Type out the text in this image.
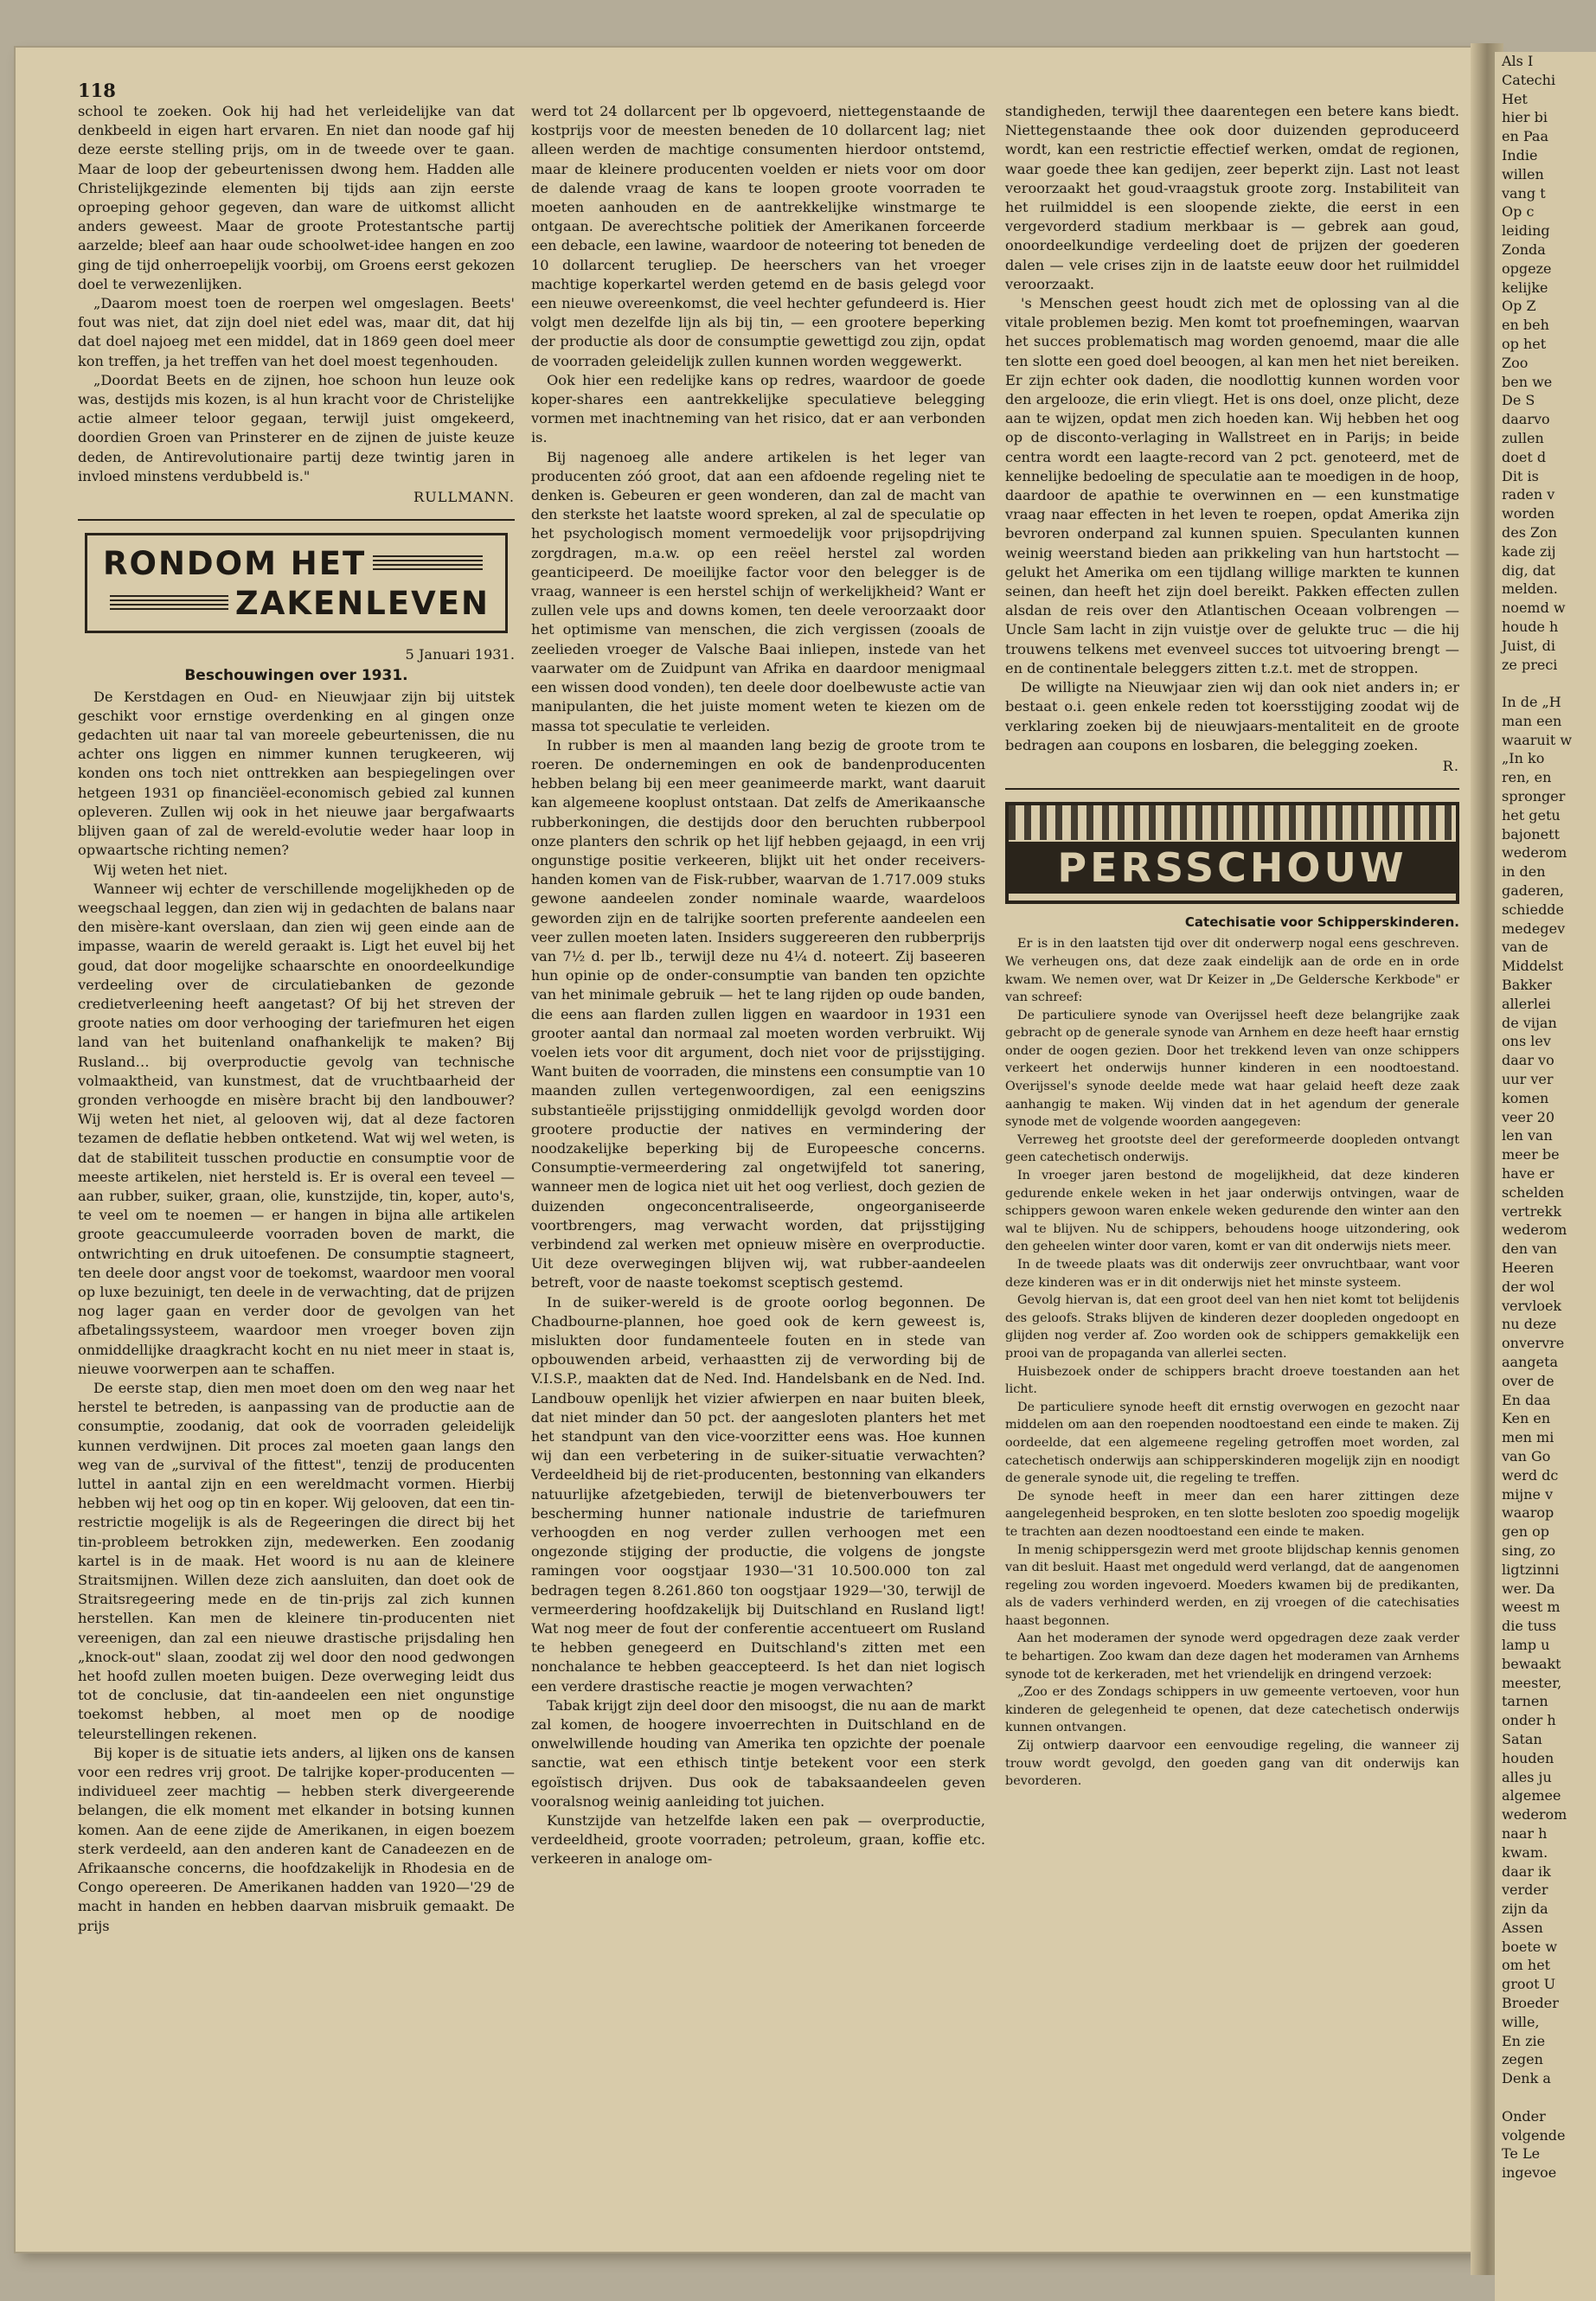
Als I

Catechi

Het

hier bi

en Paa

Indie

willen

vang t

Op c

leiding

Zonda

opgeze

kelijke

Op Z

en beh

op het

Zoo

ben we

De S

daarvo

zullen

doet d

Dit is

raden v

worden

des Zon

kade zij

dig, dat

melden.

noemd w

houde h

Juist, di

ze preci

In de „H

man een

waaruit w

„In ko

ren, en

spronger

het getu

bajonett

wederom

in den

gaderen,

schiedde

medegev

van de

Middelst

Bakker

allerlei

de vijan

ons lev

daar vo

uur ver

komen

veer 20

len van

meer be

have er

schelden

vertrekk

wederom

den van

Heeren

der wol

vervloek

nu deze

onvervre

aangeta

over de

En daa

Ken en

men mi

van Go

werd dc

mijne v

waarop

gen op

sing, zo

ligtzinni

wer. Da

weest m

die tuss

lamp u

bewaakt

meester,

tarnen

onder h

Satan

houden

alles ju

algemee

wederom

naar h

kwam.

daar ik

verder

zijn da

Assen

boete w

om het

groot U

Broeder

wille,

En zie

zegen

Denk a

Onder

volgende

Te Le

ingevoe

118

school te zoeken. Ook hij had het verleidelijke van dat denkbeeld in eigen hart ervaren. En niet dan noode gaf hij deze eerste stelling prijs, om in de tweede over te gaan. Maar de loop der gebeurtenissen dwong hem. Hadden alle Christelijkgezinde elementen bij tijds aan zijn eerste oproeping gehoor gegeven, dan ware de uitkomst allicht anders geweest. Maar de groote Protestantsche partij aarzelde; bleef aan haar oude schoolwet-idee hangen en zoo ging de tijd onherroepelijk voorbij, om Groens eerst gekozen doel te verwezenlijken.

„Daarom moest toen de roerpen wel omgeslagen. Beets' fout was niet, dat zijn doel niet edel was, maar dit, dat hij dat doel najoeg met een middel, dat in 1869 geen doel meer kon treffen, ja het treffen van het doel moest tegenhouden.

„Doordat Beets en de zijnen, hoe schoon hun leuze ook was, destijds mis kozen, is al hun kracht voor de Christelijke actie almeer teloor gegaan, terwijl juist omgekeerd, doordien Groen van Prinsterer en de zijnen de juiste keuze deden, de Antirevolutionaire partij deze twintig jaren in invloed minstens verdubbeld is."

RULLMANN.
RONDOM HET
ZAKENLEVEN
5 Januari 1931.
Beschouwingen over 1931.

De Kerstdagen en Oud- en Nieuwjaar zijn bij uitstek geschikt voor ernstige overdenking en al gingen onze gedachten uit naar tal van moreele gebeurtenissen, die nu achter ons liggen en nimmer kunnen terugkeeren, wij konden ons toch niet onttrekken aan bespiegelingen over hetgeen 1931 op financiëel-economisch gebied zal kunnen opleveren. Zullen wij ook in het nieuwe jaar bergafwaarts blijven gaan of zal de wereld-evolutie weder haar loop in opwaartsche richting nemen?

Wij weten het niet.

Wanneer wij echter de verschillende mogelijkheden op de weegschaal leggen, dan zien wij in gedachten de balans naar den misère-kant overslaan, dan zien wij geen einde aan de impasse, waarin de wereld geraakt is. Ligt het euvel bij het goud, dat door mogelijke schaarschte en onoordeelkundige verdeeling over de circulatiebanken de gezonde credietverleening heeft aangetast? Of bij het streven der groote naties om door verhooging der tariefmuren het eigen land van het buitenland onafhankelijk te maken? Bij Rusland… bij overproductie gevolg van technische volmaaktheid, van kunstmest, dat de vruchtbaarheid der gronden verhoogde en misère bracht bij den landbouwer? Wij weten het niet, al gelooven wij, dat al deze factoren tezamen de deflatie hebben ontketend. Wat wij wel weten, is dat de stabiliteit tusschen productie en consumptie voor de meeste artikelen, niet hersteld is. Er is overal een teveel — aan rubber, suiker, graan, olie, kunstzijde, tin, koper, auto's, te veel om te noemen — er hangen in bijna alle artikelen groote geaccumuleerde voorraden boven de markt, die ontwrichting en druk uitoefenen. De consumptie stagneert, ten deele door angst voor de toekomst, waardoor men vooral op luxe bezuinigt, ten deele in de verwachting, dat de prijzen nog lager gaan en verder door de gevolgen van het afbetalingssysteem, waardoor men vroeger boven zijn onmiddellijke draagkracht kocht en nu niet meer in staat is, nieuwe voorwerpen aan te schaffen.

De eerste stap, dien men moet doen om den weg naar het herstel te betreden, is aanpassing van de productie aan de consumptie, zoodanig, dat ook de voorraden geleidelijk kunnen verdwijnen. Dit proces zal moeten gaan langs den weg van de „survival of the fittest", tenzij de producenten luttel in aantal zijn en een wereldmacht vormen. Hierbij hebben wij het oog op tin en koper. Wij gelooven, dat een tin-restrictie mogelijk is als de Regeeringen die direct bij het tin-probleem betrokken zijn, medewerken. Een zoodanig kartel is in de maak. Het woord is nu aan de kleinere Straitsmijnen. Willen deze zich aansluiten, dan doet ook de Straitsregeering mede en de tin-prijs zal zich kunnen herstellen. Kan men de kleinere tin-producenten niet vereenigen, dan zal een nieuwe drastische prijsdaling hen „knock-out" slaan, zoodat zij wel door den nood gedwongen het hoofd zullen moeten buigen. Deze overweging leidt dus tot de conclusie, dat tin-aandeelen een niet ongunstige toekomst hebben, al moet men op de noodige teleurstellingen rekenen.

Bij koper is de situatie iets anders, al lijken ons de kansen voor een redres vrij groot. De talrijke koper-producenten — individueel zeer machtig — hebben sterk divergeerende belangen, die elk moment met elkander in botsing kunnen komen. Aan de eene zijde de Amerikanen, in eigen boezem sterk verdeeld, aan den anderen kant de Canadeezen en de Afrikaansche concerns, die hoofdzakelijk in Rhodesia en de Congo opereeren. De Amerikanen hadden van 1920—'29 de macht in handen en hebben daarvan misbruik gemaakt. De prijs

werd tot 24 dollarcent per lb opgevoerd, niettegenstaande de kostprijs voor de meesten beneden de 10 dollarcent lag; niet alleen werden de machtige consumenten hierdoor ontstemd, maar de kleinere producenten voelden er niets voor om door de dalende vraag de kans te loopen groote voorraden te moeten aanhouden en de aantrekkelijke winstmarge te ontgaan. De averechtsche politiek der Amerikanen forceerde een debacle, een lawine, waardoor de noteering tot beneden de 10 dollarcent terugliep. De heerschers van het vroeger machtige koperkartel werden getemd en de basis gelegd voor een nieuwe overeenkomst, die veel hechter gefundeerd is. Hier volgt men dezelfde lijn als bij tin, — een grootere beperking der productie als door de consumptie gewettigd zou zijn, opdat de voorraden geleidelijk zullen kunnen worden weggewerkt.

Ook hier een redelijke kans op redres, waardoor de goede koper-shares een aantrekkelijke speculatieve belegging vormen met inachtneming van het risico, dat er aan verbonden is.

Bij nagenoeg alle andere artikelen is het leger van producenten zóó groot, dat aan een afdoende regeling niet te denken is. Gebeuren er geen wonderen, dan zal de macht van den sterkste het laatste woord spreken, al zal de speculatie op het psychologisch moment vermoedelijk voor prijsopdrijving zorgdragen, m.a.w. op een reëel herstel zal worden geanticipeerd. De moeilijke factor voor den belegger is de vraag, wanneer is een herstel schijn of werkelijkheid? Want er zullen vele ups and downs komen, ten deele veroorzaakt door het optimisme van menschen, die zich vergissen (zooals de zeelieden vroeger de Valsche Baai inliepen, instede van het vaarwater om de Zuidpunt van Afrika en daardoor menigmaal een wissen dood vonden), ten deele door doelbewuste actie van manipulanten, die het juiste moment weten te kiezen om de massa tot speculatie te verleiden.

In rubber is men al maanden lang bezig de groote trom te roeren. De ondernemingen en ook de bandenproducenten hebben belang bij een meer geanimeerde markt, want daaruit kan algemeene kooplust ontstaan. Dat zelfs de Amerikaansche rubberkoningen, die destijds door den beruchten rubberpool onze planters den schrik op het lijf hebben gejaagd, in een vrij ongunstige positie verkeeren, blijkt uit het onder receivers-handen komen van de Fisk-rubber, waarvan de 1.717.009 stuks gewone aandeelen zonder nominale waarde, waardeloos geworden zijn en de talrijke soorten preferente aandeelen een veer zullen moeten laten. Insiders suggereeren den rubberprijs van 7½ d. per lb., terwijl deze nu 4¼ d. noteert. Zij baseeren hun opinie op de onder-consumptie van banden ten opzichte van het minimale gebruik — het te lang rijden op oude banden, die eens aan flarden zullen liggen en waardoor in 1931 een grooter aantal dan normaal zal moeten worden verbruikt. Wij voelen iets voor dit argument, doch niet voor de prijsstijging. Want buiten de voorraden, die minstens een consumptie van 10 maanden zullen vertegenwoordigen, zal een eenigszins substantieële prijsstijging onmiddellijk gevolgd worden door grootere productie der natives en vermindering der noodzakelijke beperking bij de Europeesche concerns. Consumptie-vermeerdering zal ongetwijfeld tot sanering, wanneer men de logica niet uit het oog verliest, doch gezien de duizenden ongeconcentraliseerde, ongeorganiseerde voortbrengers, mag verwacht worden, dat prijsstijging verbindend zal werken met opnieuw misère en overproductie. Uit deze overwegingen blijven wij, wat rubber-aandeelen betreft, voor de naaste toekomst sceptisch gestemd.

In de suiker-wereld is de groote oorlog begonnen. De Chadbourne-plannen, hoe goed ook de kern geweest is, mislukten door fundamenteele fouten en in stede van opbouwenden arbeid, verhaastten zij de verwording bij de V.I.S.P., maakten dat de Ned. Ind. Handelsbank en de Ned. Ind. Landbouw openlijk het vizier afwierpen en naar buiten bleek, dat niet minder dan 50 pct. der aangesloten planters het met het standpunt van den vice-voorzitter eens was. Hoe kunnen wij dan een verbetering in de suiker-situatie verwachten? Verdeeldheid bij de riet-producenten, bestonning van elkanders natuurlijke afzetgebieden, terwijl de bietenverbouwers ter bescherming hunner nationale industrie de tariefmuren verhoogden en nog verder zullen verhoogen met een ongezonde stijging der productie, die volgens de jongste ramingen voor oogstjaar 1930—'31 10.500.000 ton zal bedragen tegen 8.261.860 ton oogstjaar 1929—'30, terwijl de vermeerdering hoofdzakelijk bij Duitschland en Rusland ligt! Wat nog meer de fout der conferentie accentueert om Rusland te hebben genegeerd en Duitschland's zitten met een nonchalance te hebben geaccepteerd. Is het dan niet logisch een verdere drastische reactie je mogen verwachten?

Tabak krijgt zijn deel door den misoogst, die nu aan de markt zal komen, de hoogere invoerrechten in Duitschland en de onwelwillende houding van Amerika ten opzichte der poenale sanctie, wat een ethisch tintje betekent voor een sterk egoïstisch drijven. Dus ook de tabaksaandeelen geven vooralsnog weinig aanleiding tot juichen.

Kunstzijde van hetzelfde laken een pak — overproductie, verdeeldheid, groote voorraden; petroleum, graan, koffie etc. verkeeren in analoge om-

standigheden, terwijl thee daarentegen een betere kans biedt. Niettegenstaande thee ook door duizenden geproduceerd wordt, kan een restrictie effectief werken, omdat de regionen, waar goede thee kan gedijen, zeer beperkt zijn. Last not least veroorzaakt het goud-vraagstuk groote zorg. Instabiliteit van het ruilmiddel is een sloopende ziekte, die eerst in een vergevorderd stadium merkbaar is — gebrek aan goud, onoordeelkundige verdeeling doet de prijzen der goederen dalen — vele crises zijn in de laatste eeuw door het ruilmiddel veroorzaakt.

's Menschen geest houdt zich met de oplossing van al die vitale problemen bezig. Men komt tot proefnemingen, waarvan het succes problematisch mag worden genoemd, maar die alle ten slotte een goed doel beoogen, al kan men het niet bereiken. Er zijn echter ook daden, die noodlottig kunnen worden voor den argelooze, die erin vliegt. Het is ons doel, onze plicht, deze aan te wijzen, opdat men zich hoeden kan. Wij hebben het oog op de disconto-verlaging in Wallstreet en in Parijs; in beide centra wordt een laagte-record van 2 pct. genoteerd, met de kennelijke bedoeling de speculatie aan te moedigen in de hoop, daardoor de apathie te overwinnen en — een kunstmatige vraag naar effecten in het leven te roepen, opdat Amerika zijn bevroren onderpand zal kunnen spuien. Speculanten kunnen weinig weerstand bieden aan prikkeling van hun hartstocht — gelukt het Amerika om een tijdlang willige markten te kunnen seinen, dan heeft het zijn doel bereikt. Pakken effecten zullen alsdan de reis over den Atlantischen Oceaan volbrengen — Uncle Sam lacht in zijn vuistje over de gelukte truc — die hij trouwens telkens met evenveel succes tot uitvoering brengt — en de continentale beleggers zitten t.z.t. met de stroppen.

De willigte na Nieuwjaar zien wij dan ook niet anders in; er bestaat o.i. geen enkele reden tot koersstijging zoodat wij de verklaring zoeken bij de nieuwjaars-mentaliteit en de groote bedragen aan coupons en losbaren, die belegging zoeken.

R.
PERSSCHOUW
Catechisatie voor Schipperskinderen.

Er is in den laatsten tijd over dit onderwerp nogal eens geschreven. We verheugen ons, dat deze zaak eindelijk aan de orde en in orde kwam. We nemen over, wat Dr Keizer in „De Geldersche Kerkbode" er van schreef:

De particuliere synode van Overijssel heeft deze belangrijke zaak gebracht op de generale synode van Arnhem en deze heeft haar ernstig onder de oogen gezien. Door het trekkend leven van onze schippers verkeert het onderwijs hunner kinderen in een noodtoestand. Overijssel's synode deelde mede wat haar gelaid heeft deze zaak aanhangig te maken. Wij vinden dat in het agendum der generale synode met de volgende woorden aangegeven:

Verreweg het grootste deel der gereformeerde doopleden ontvangt geen catechetisch onderwijs.

In vroeger jaren bestond de mogelijkheid, dat deze kinderen gedurende enkele weken in het jaar onderwijs ontvingen, waar de schippers gewoon waren enkele weken gedurende den winter aan den wal te blijven. Nu de schippers, behoudens hooge uitzondering, ook den geheelen winter door varen, komt er van dit onderwijs niets meer.

In de tweede plaats was dit onderwijs zeer onvruchtbaar, want voor deze kinderen was er in dit onderwijs niet het minste systeem.

Gevolg hiervan is, dat een groot deel van hen niet komt tot belijdenis des geloofs. Straks blijven de kinderen dezer doopleden ongedoopt en glijden nog verder af. Zoo worden ook de schippers gemakkelijk een prooi van de propaganda van allerlei secten.

Huisbezoek onder de schippers bracht droeve toestanden aan het licht.

De particuliere synode heeft dit ernstig overwogen en gezocht naar middelen om aan den roependen noodtoestand een einde te maken. Zij oordeelde, dat een algemeene regeling getroffen moet worden, zal catechetisch onderwijs aan schipperskinderen mogelijk zijn en noodigt de generale synode uit, die regeling te treffen.

De synode heeft in meer dan een harer zittingen deze aangelegenheid besproken, en ten slotte besloten zoo spoedig mogelijk te trachten aan dezen noodtoestand een einde te maken.

In menig schippersgezin werd met groote blijdschap kennis genomen van dit besluit. Haast met ongeduld werd verlangd, dat de aangenomen regeling zou worden ingevoerd. Moeders kwamen bij de predikanten, als de vaders verhinderd werden, en zij vroegen of die catechisaties haast begonnen.

Aan het moderamen der synode werd opgedragen deze zaak verder te behartigen. Zoo kwam dan deze dagen het moderamen van Arnhems synode tot de kerkeraden, met het vriendelijk en dringend verzoek:

„Zoo er des Zondags schippers in uw gemeente vertoeven, voor hun kinderen de gelegenheid te openen, dat deze catechetisch onderwijs kunnen ontvangen.

Zij ontwierp daarvoor een eenvoudige regeling, die wanneer zij trouw wordt gevolgd, den goeden gang van dit onderwijs kan bevorderen.
